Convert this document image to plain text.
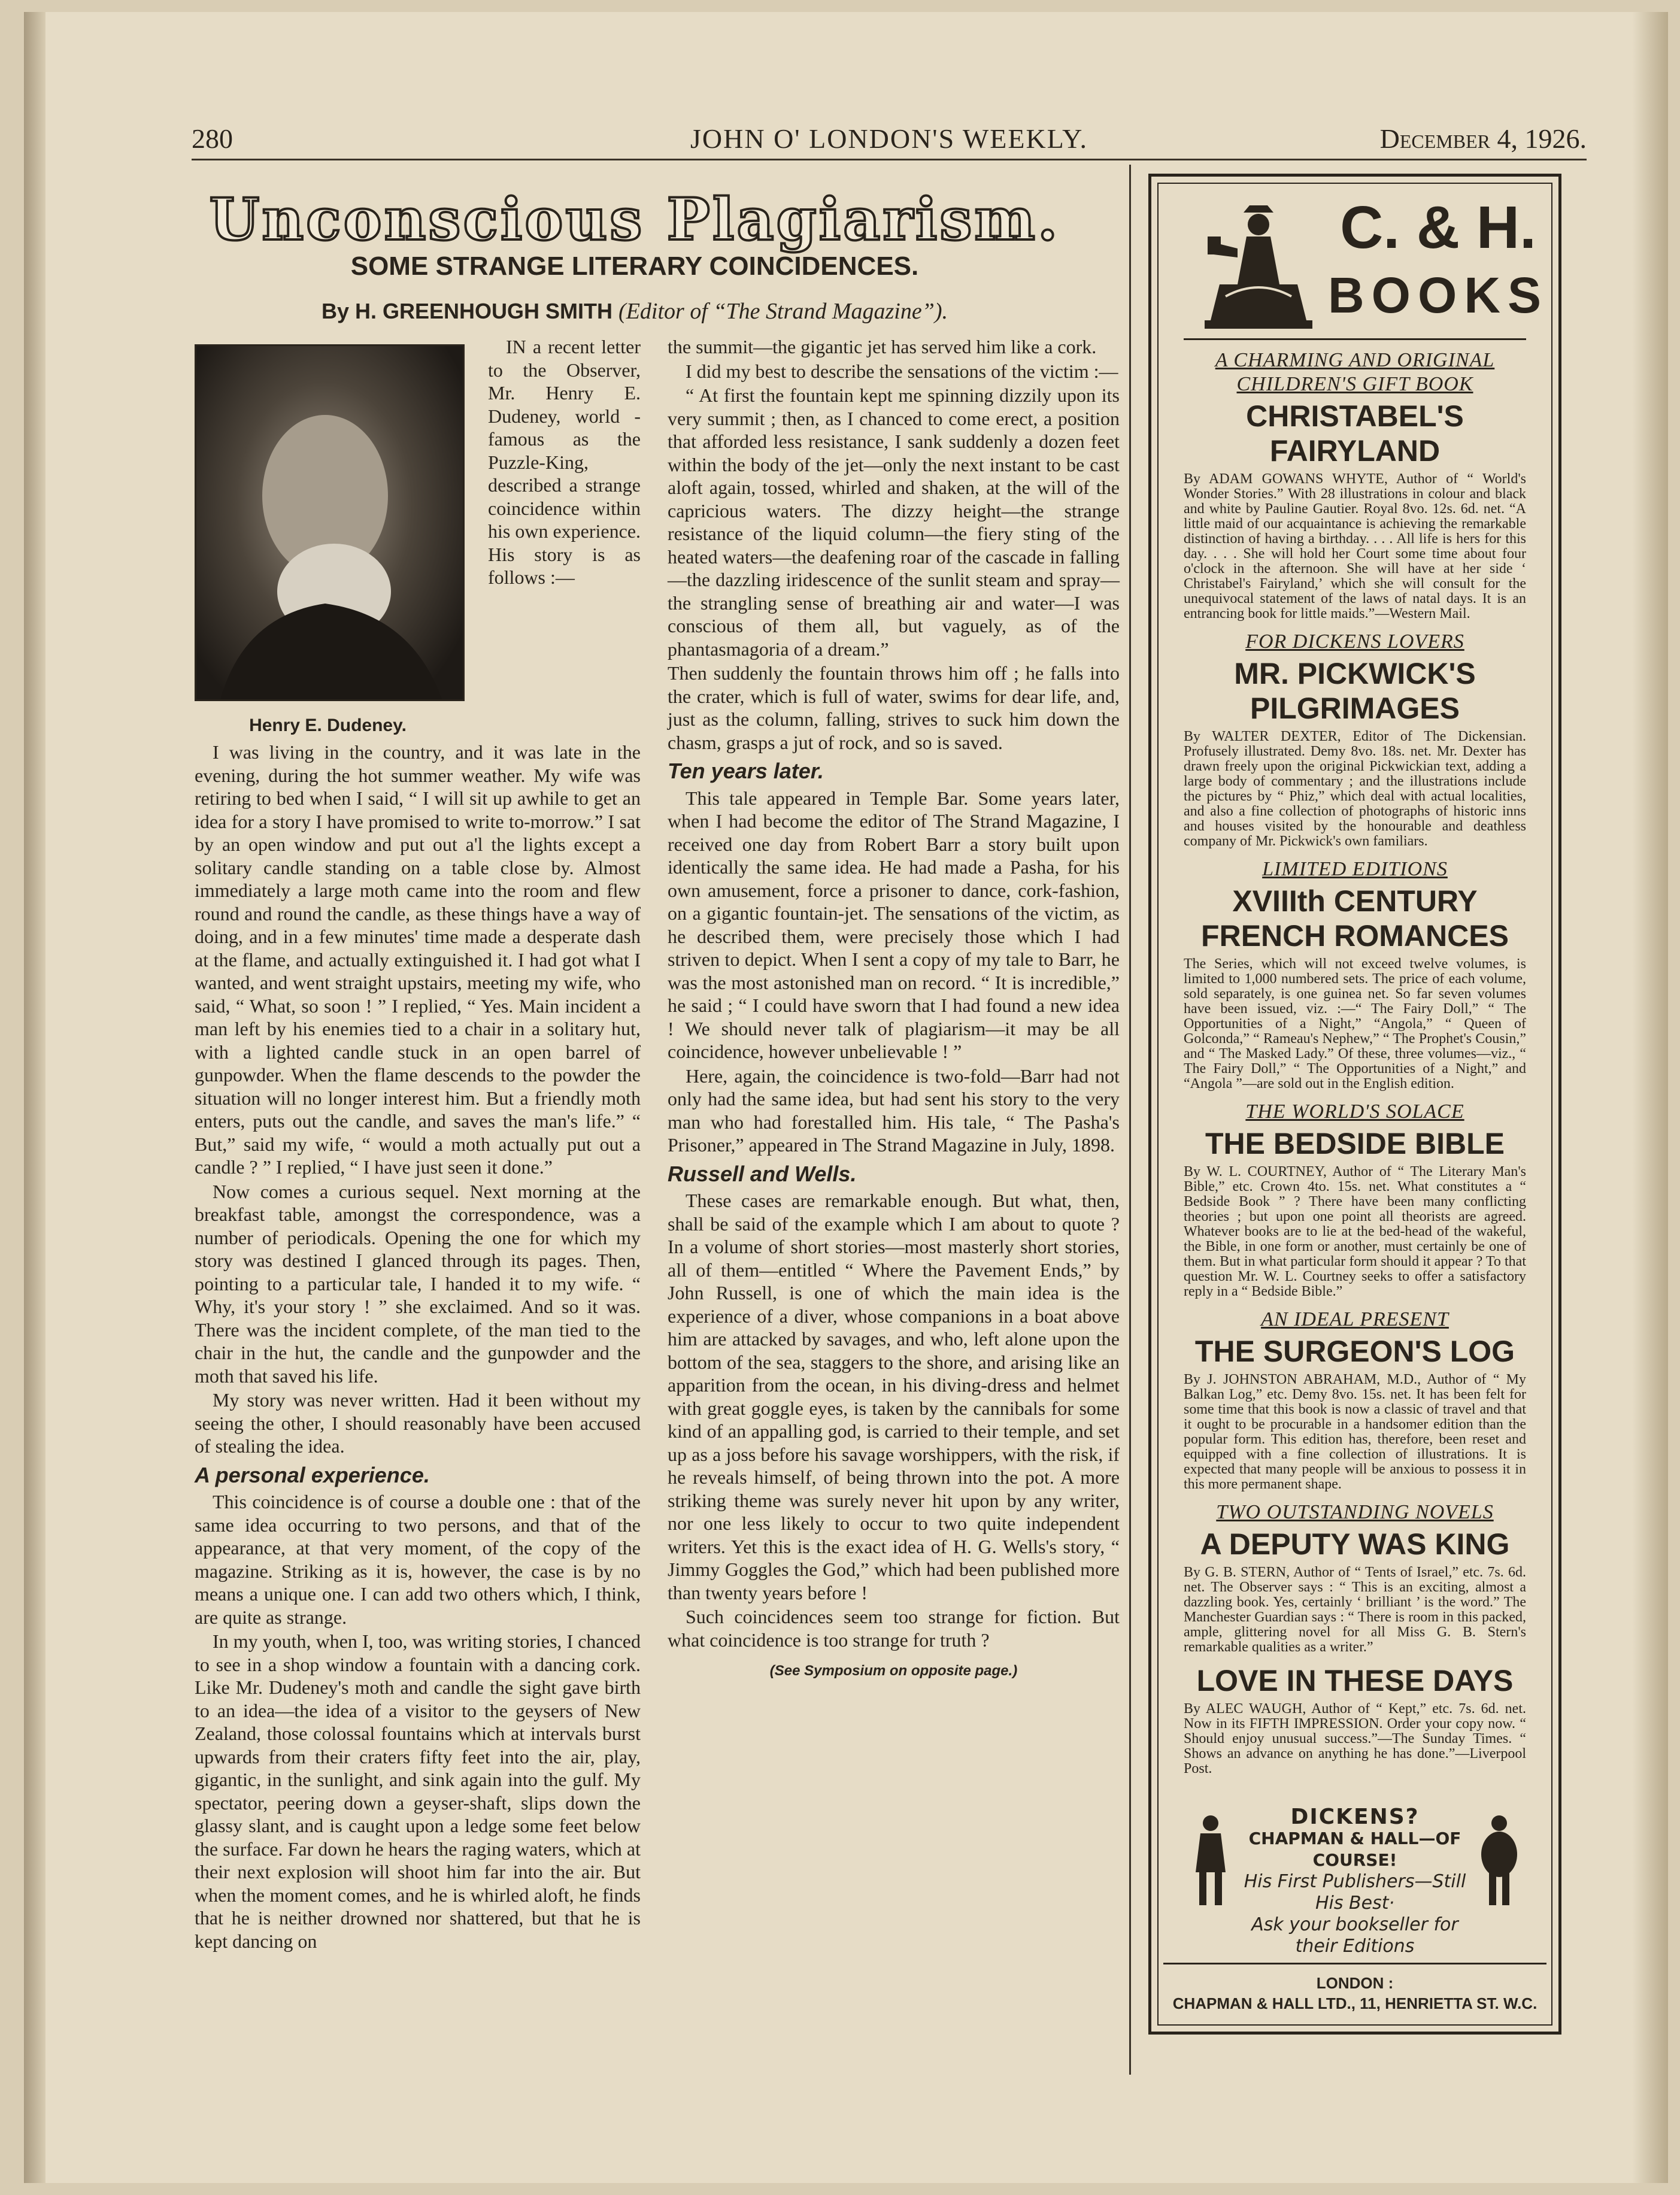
280	JOHN O' LONDON'S WEEKLY.	December 4, 1926.
Unconscious Plagiarism.
SOME STRANGE LITERARY COINCIDENCES.
By H. GREENHOUGH SMITH (Editor of “The Strand Magazine”).
Henry E. Dudeney.

IN a recent letter to the Observer, Mr. Henry E. Dudeney, world - famous as the Puzzle-King, described a strange coincidence within his own experience. His story is as follows :—

I was living in the country, and it was late in the evening, during the hot summer weather. My wife was retiring to bed when I said, “ I will sit up awhile to get an idea for a story I have promised to write to-morrow.” I sat by an open window and put out a'l the lights except a solitary candle standing on a table close by. Almost immediately a large moth came into the room and flew round and round the candle, as these things have a way of doing, and in a few minutes' time made a desperate dash at the flame, and actually extinguished it. I had got what I wanted, and went straight upstairs, meeting my wife, who said, “ What, so soon ! ” I replied, “ Yes. Main incident a man left by his enemies tied to a chair in a solitary hut, with a lighted candle stuck in an open barrel of gunpowder. When the flame descends to the powder the situation will no longer interest him. But a friendly moth enters, puts out the candle, and saves the man's life.” “ But,” said my wife, “ would a moth actually put out a candle ? ” I replied, “ I have just seen it done.”

Now comes a curious sequel. Next morning at the breakfast table, amongst the correspondence, was a number of periodicals. Opening the one for which my story was destined I glanced through its pages. Then, pointing to a particular tale, I handed it to my wife. “ Why, it's your story ! ” she exclaimed. And so it was. There was the incident complete, of the man tied to the chair in the hut, the candle and the gunpowder and the moth that saved his life.

My story was never written. Had it been without my seeing the other, I should reasonably have been accused of stealing the idea.

A personal experience.

This coincidence is of course a double one : that of the same idea occurring to two persons, and that of the appearance, at that very moment, of the copy of the magazine. Striking as it is, however, the case is by no means a unique one. I can add two others which, I think, are quite as strange.

In my youth, when I, too, was writing stories, I chanced to see in a shop window a fountain with a dancing cork. Like Mr. Dudeney's moth and candle the sight gave birth to an idea—the idea of a visitor to the geysers of New Zealand, those colossal fountains which at intervals burst upwards from their craters fifty feet into the air, play, gigantic, in the sunlight, and sink again into the gulf. My spectator, peering down a geyser-shaft, slips down the glassy slant, and is caught upon a ledge some feet below the surface. Far down he hears the raging waters, which at their next explosion will shoot him far into the air. But when the moment comes, and he is whirled aloft, he finds that he is neither drowned nor shattered, but that he is kept dancing on

the summit—the gigantic jet has served him like a cork.

I did my best to describe the sensations of the victim :—

“ At first the fountain kept me spinning dizzily upon its very summit ; then, as I chanced to come erect, a position that afforded less resistance, I sank suddenly a dozen feet within the body of the jet—only the next instant to be cast aloft again, tossed, whirled and shaken, at the will of the capricious waters. The dizzy height—the strange resistance of the liquid column—the fiery sting of the heated waters—the deafening roar of the cascade in falling—the dazzling iridescence of the sunlit steam and spray—the strangling sense of breathing air and water—I was conscious of them all, but vaguely, as of the phantasmagoria of a dream.”

Then suddenly the fountain throws him off ; he falls into the crater, which is full of water, swims for dear life, and, just as the column, falling, strives to suck him down the chasm, grasps a jut of rock, and so is saved.

Ten years later.

This tale appeared in Temple Bar. Some years later, when I had become the editor of The Strand Magazine, I received one day from Robert Barr a story built upon identically the same idea. He had made a Pasha, for his own amusement, force a prisoner to dance, cork-fashion, on a gigantic fountain-jet. The sensations of the victim, as he described them, were precisely those which I had striven to depict. When I sent a copy of my tale to Barr, he was the most astonished man on record. “ It is incredible,” he said ; “ I could have sworn that I had found a new idea ! We should never talk of plagiarism—it may be all coincidence, however unbelievable ! ”

Here, again, the coincidence is two-fold—Barr had not only had the same idea, but had sent his story to the very man who had forestalled him. His tale, “ The Pasha's Prisoner,” appeared in The Strand Magazine in July, 1898.

Russell and Wells.

These cases are remarkable enough. But what, then, shall be said of the example which I am about to quote ? In a volume of short stories—most masterly short stories, all of them—entitled “ Where the Pavement Ends,” by John Russell, is one of which the main idea is the experience of a diver, whose companions in a boat above him are attacked by savages, and who, left alone upon the bottom of the sea, staggers to the shore, and arising like an apparition from the ocean, in his diving-dress and helmet with great goggle eyes, is taken by the cannibals for some kind of an appalling god, is carried to their temple, and set up as a joss before his savage worshippers, with the risk, if he reveals himself, of being thrown into the pot. A more striking theme was surely never hit upon by any writer, nor one less likely to occur to two quite independent writers. Yet this is the exact idea of H. G. Wells's story, “ Jimmy Goggles the God,” which had been published more than twenty years before !

Such coincidences seem too strange for fiction. But what coincidence is too strange for truth ?

(See Symposium on opposite page.)
C. & H.
BOOKS
A CHARMING AND ORIGINAL
CHILDREN'S GIFT BOOK
CHRISTABEL'S FAIRYLAND
By ADAM GOWANS WHYTE, Author of “ World's Wonder Stories.” With 28 illustrations in colour and black and white by Pauline Gautier. Royal 8vo. 12s. 6d. net. “A little maid of our acquaintance is achieving the remarkable distinction of having a birthday. . . . All life is hers for this day. . . . She will hold her Court some time about four o'clock in the afternoon. She will have at her side ‘ Christabel's Fairyland,’ which she will consult for the unequivocal statement of the laws of natal days. It is an entrancing book for little maids.”—Western Mail.
FOR DICKENS LOVERS
MR. PICKWICK'S PILGRIMAGES
By WALTER DEXTER, Editor of The Dickensian. Profusely illustrated. Demy 8vo. 18s. net. Mr. Dexter has drawn freely upon the original Pickwickian text, adding a large body of commentary ; and the illustrations include the pictures by “ Phiz,” which deal with actual localities, and also a fine collection of photographs of historic inns and houses visited by the honourable and deathless company of Mr. Pickwick's own familiars.
LIMITED EDITIONS
XVIIIth CENTURY FRENCH ROMANCES
The Series, which will not exceed twelve volumes, is limited to 1,000 numbered sets. The price of each volume, sold separately, is one guinea net. So far seven volumes have been issued, viz. :—“ The Fairy Doll,” “ The Opportunities of a Night,” “Angola,” “ Queen of Golconda,” “ Rameau's Nephew,” “ The Prophet's Cousin,” and “ The Masked Lady.” Of these, three volumes—viz., “ The Fairy Doll,” “ The Opportunities of a Night,” and “Angola ”—are sold out in the English edition.
THE WORLD'S SOLACE
THE BEDSIDE BIBLE
By W. L. COURTNEY, Author of “ The Literary Man's Bible,” etc. Crown 4to. 15s. net. What constitutes a “ Bedside Book ” ? There have been many conflicting theories ; but upon one point all theorists are agreed. Whatever books are to lie at the bed-head of the wakeful, the Bible, in one form or another, must certainly be one of them. But in what particular form should it appear ? To that question Mr. W. L. Courtney seeks to offer a satisfactory reply in a “ Bedside Bible.”
AN IDEAL PRESENT
THE SURGEON'S LOG
By J. JOHNSTON ABRAHAM, M.D., Author of “ My Balkan Log,” etc. Demy 8vo. 15s. net. It has been felt for some time that this book is now a classic of travel and that it ought to be procurable in a handsomer edition than the popular form. This edition has, therefore, been reset and equipped with a fine collection of illustrations. It is expected that many people will be anxious to possess it in this more permanent shape.
TWO OUTSTANDING NOVELS
A DEPUTY WAS KING
By G. B. STERN, Author of “ Tents of Israel,” etc. 7s. 6d. net. The Observer says : “ This is an exciting, almost a dazzling book. Yes, certainly ‘ brilliant ’ is the word.” The Manchester Guardian says : “ There is room in this packed, ample, glittering novel for all Miss G. B. Stern's remarkable qualities as a writer.”
LOVE IN THESE DAYS
By ALEC WAUGH, Author of “ Kept,” etc. 7s. 6d. net. Now in its FIFTH IMPRESSION. Order your copy now. “ Should enjoy unusual success.”—The Sunday Times. “ Shows an advance on anything he has done.”—Liverpool Post.
DICKENS?
CHAPMAN & HALL—OF COURSE!
His First Publishers—Still His Best·
Ask your bookseller for their Editions
LONDON :
CHAPMAN & HALL LTD., 11, HENRIETTA ST. W.C.
